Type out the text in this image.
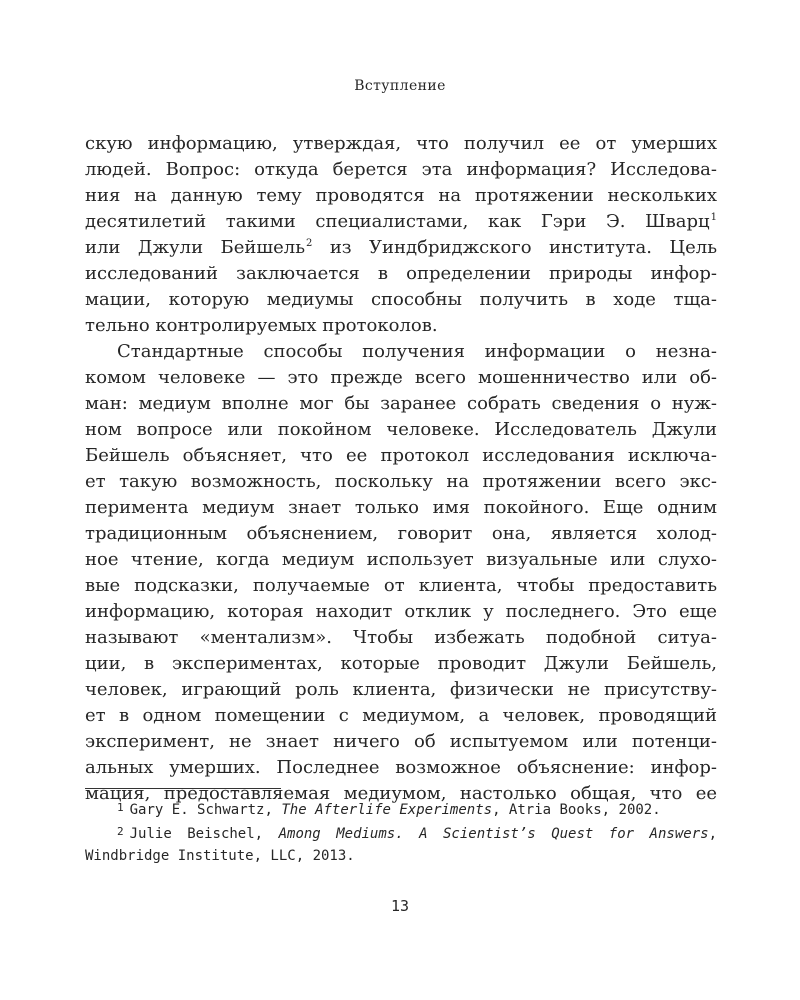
Вступление
скую информацию, утверждая, что получил ее от умерших
людей. Вопрос: откуда берется эта информация? Исследова-
ния на данную тему проводятся на протяжении нескольких
десятилетий такими специалистами, как Гэри Э. Шварц$^1$
или Джули Бейшель$^2$ из Уиндбриджского института. Цель
исследований заключается в определении природы инфор-
мации, которую медиумы способны получить в ходе тща-
тельно контролируемых протоколов.
Стандартные способы получения информации о незна-
комом человеке — это прежде всего мошенничество или об-
ман: медиум вполне мог бы заранее собрать сведения о нуж-
ном вопросе или покойном человеке. Исследователь Джули
Бейшель объясняет, что ее протокол исследования исключа-
ет такую возможность, поскольку на протяжении всего экс-
перимента медиум знает только имя покойного. Еще одним
традиционным объяснением, говорит она, является холод-
ное чтение, когда медиум использует визуальные или слухо-
вые подсказки, получаемые от клиента, чтобы предоставить
информацию, которая находит отклик у последнего. Это еще
называют «ментализм». Чтобы избежать подобной ситуа-
ции, в экспериментах, которые проводит Джули Бейшель,
человек, играющий роль клиента, физически не присутству-
ет в одном помещении с медиумом, а человек, проводящий
эксперимент, не знает ничего об испытуемом или потенци-
альных умерших. Последнее возможное объяснение: инфор-
мация, предоставляемая медиумом, настолько общая, что ее
$^1$ Gary E. Schwartz, The Afterlife Experiments, Atria Books, 2002.
$^2$ Julie Beischel, Among Mediums. A Scientist’s Quest for Answers,
Windbridge Institute, LLC, 2013.
13
